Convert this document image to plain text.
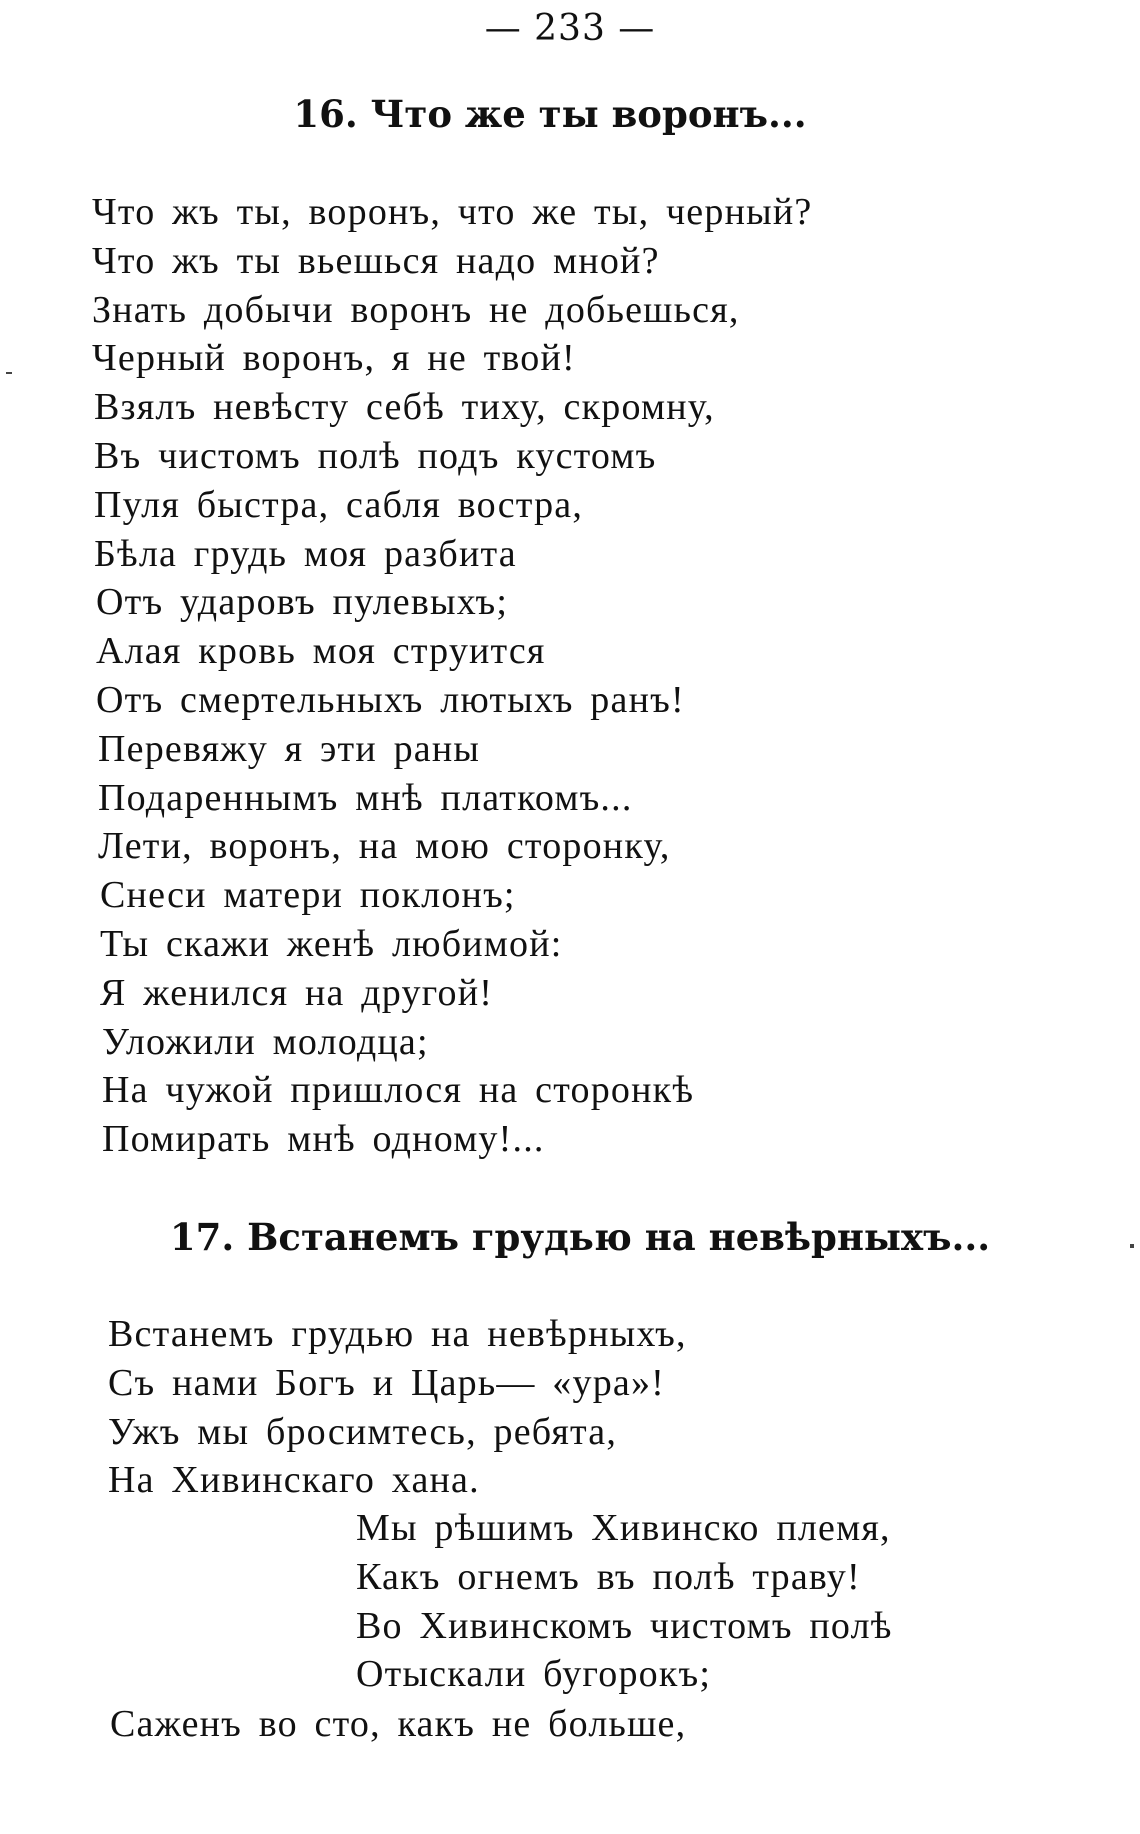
— 233 —
16. Что же ты воронъ...
Что жъ ты, воронъ, что же ты, черный?
Что жъ ты вьешься надо мной?
Знать добычи воронъ не добьешься,
Черный воронъ, я не твой!
Взялъ невѣсту себѣ тиху, скромну,
Въ чистомъ полѣ подъ кустомъ
Пуля быстра, сабля востра,
Бѣла грудь моя разбита
Отъ ударовъ пулевыхъ;
Алая кровь моя струится
Отъ смертельныхъ лютыхъ ранъ!
Перевяжу я эти раны
Подареннымъ мнѣ платкомъ...
Лети, воронъ, на мою сторонку,
Снеси матери поклонъ;
Ты скажи женѣ любимой:
Я женился на другой!
Уложили молодца;
На чужой пришлося на сторонкѣ
Помирать мнѣ одному!...
17. Встанемъ грудью на невѣрныхъ...
Встанемъ грудью на невѣрныхъ,
Съ нами Богъ и Царь— «ура»!
Ужъ мы бросимтесь, ребята,
На Хивинскаго хана.
Мы рѣшимъ Хивинско племя,
Какъ огнемъ въ полѣ траву!
Во Хивинскомъ чистомъ полѣ
Отыскали бугорокъ;
Саженъ во сто, какъ не больше,
